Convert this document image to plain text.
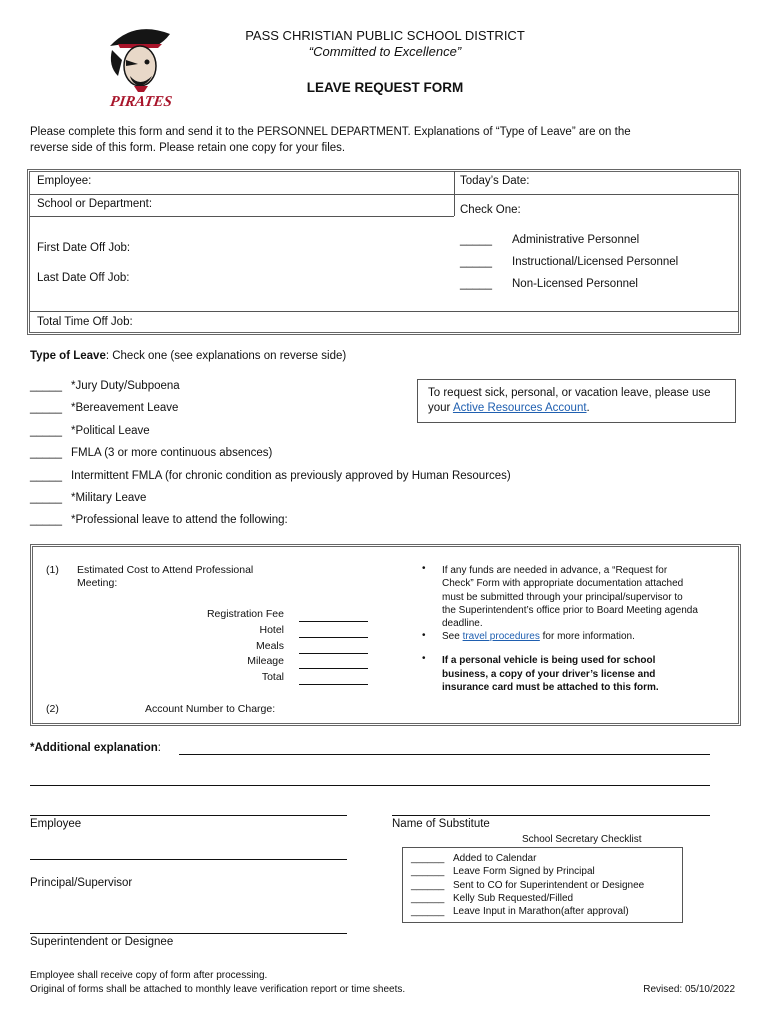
PIRATES
PASS CHRISTIAN PUBLIC SCHOOL DISTRICT
“Committed to Excellence”
LEAVE REQUEST FORM
Please complete this form and send it to the PERSONNEL DEPARTMENT. Explanations of “Type of Leave” are on the
reverse side of this form. Please retain one copy for your files.
Employee:	Today’s Date:
School or Department:	Check One:
First Date Off Job:
Last Date Off Job:
Total Time Off Job:
_____ Administrative Personnel
_____ Instructional/Licensed Personnel
_____ Non-Licensed Personnel
Type of Leave: Check one (see explanations on reverse side)
_____ *Jury Duty/Subpoena
_____ *Bereavement Leave
_____ *Political Leave
_____ FMLA (3 or more continuous absences)
_____ Intermittent FMLA (for chronic condition as previously approved by Human Resources)
_____ *Military Leave
_____ *Professional leave to attend the following:
To request sick, personal, or vacation leave, please use your Active Resources Account.
(1) Estimated Cost to Attend Professional
Meeting:
Registration Fee
Hotel
Meals
Mileage
Total
(2)	Account Number to Charge:
• If any funds are needed in advance, a “Request for
Check” Form with appropriate documentation attached
must be submitted through your principal/supervisor to
the Superintendent’s office prior to Board Meeting agenda
deadline.
• See travel procedures for more information.
• If a personal vehicle is being used for school
business, a copy of your driver’s license and
insurance card must be attached to this form.
*Additional explanation:
Employee	Name of Substitute
School Secretary Checklist
Principal/Supervisor
______ Added to Calendar
______ Leave Form Signed by Principal
______ Sent to CO for Superintendent or Designee
______ Kelly Sub Requested/Filled
______ Leave Input in Marathon(after approval)
Superintendent or Designee
Employee shall receive copy of form after processing.
Original of forms shall be attached to monthly leave verification report or time sheets.	Revised: 05/10/2022
